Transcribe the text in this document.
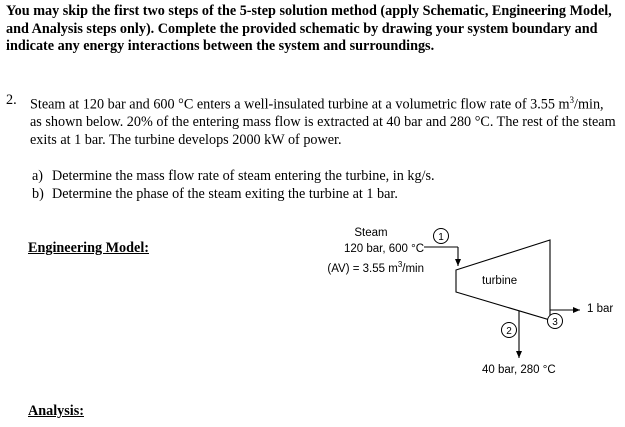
You may skip the first two steps of the 5-step solution method (apply Schematic, Engineering Model, and Analysis steps only). Complete the provided schematic by drawing your system boundary and indicate any energy interactions between the system and surroundings.

2. Steam at 120 bar and 600 °C enters a well-insulated turbine at a volumetric flow rate of 3.55 $m^3/\min$, as shown below. 20% of the entering mass flow is extracted at 40 bar and 280 °C. The rest of the steam exits at 1 bar. The turbine develops 2000 kW of power.
a) Determine the mass flow rate of steam entering the turbine, in kg/s.
b) Determine the phase of the steam exiting the turbine at 1 bar.
Engineering Model:
1
2
3
Steam
120 bar, 600 °C
(AV) = 3.55 $m^3/\min$
turbine
1 bar
40 bar, 280 °C
Analysis:
